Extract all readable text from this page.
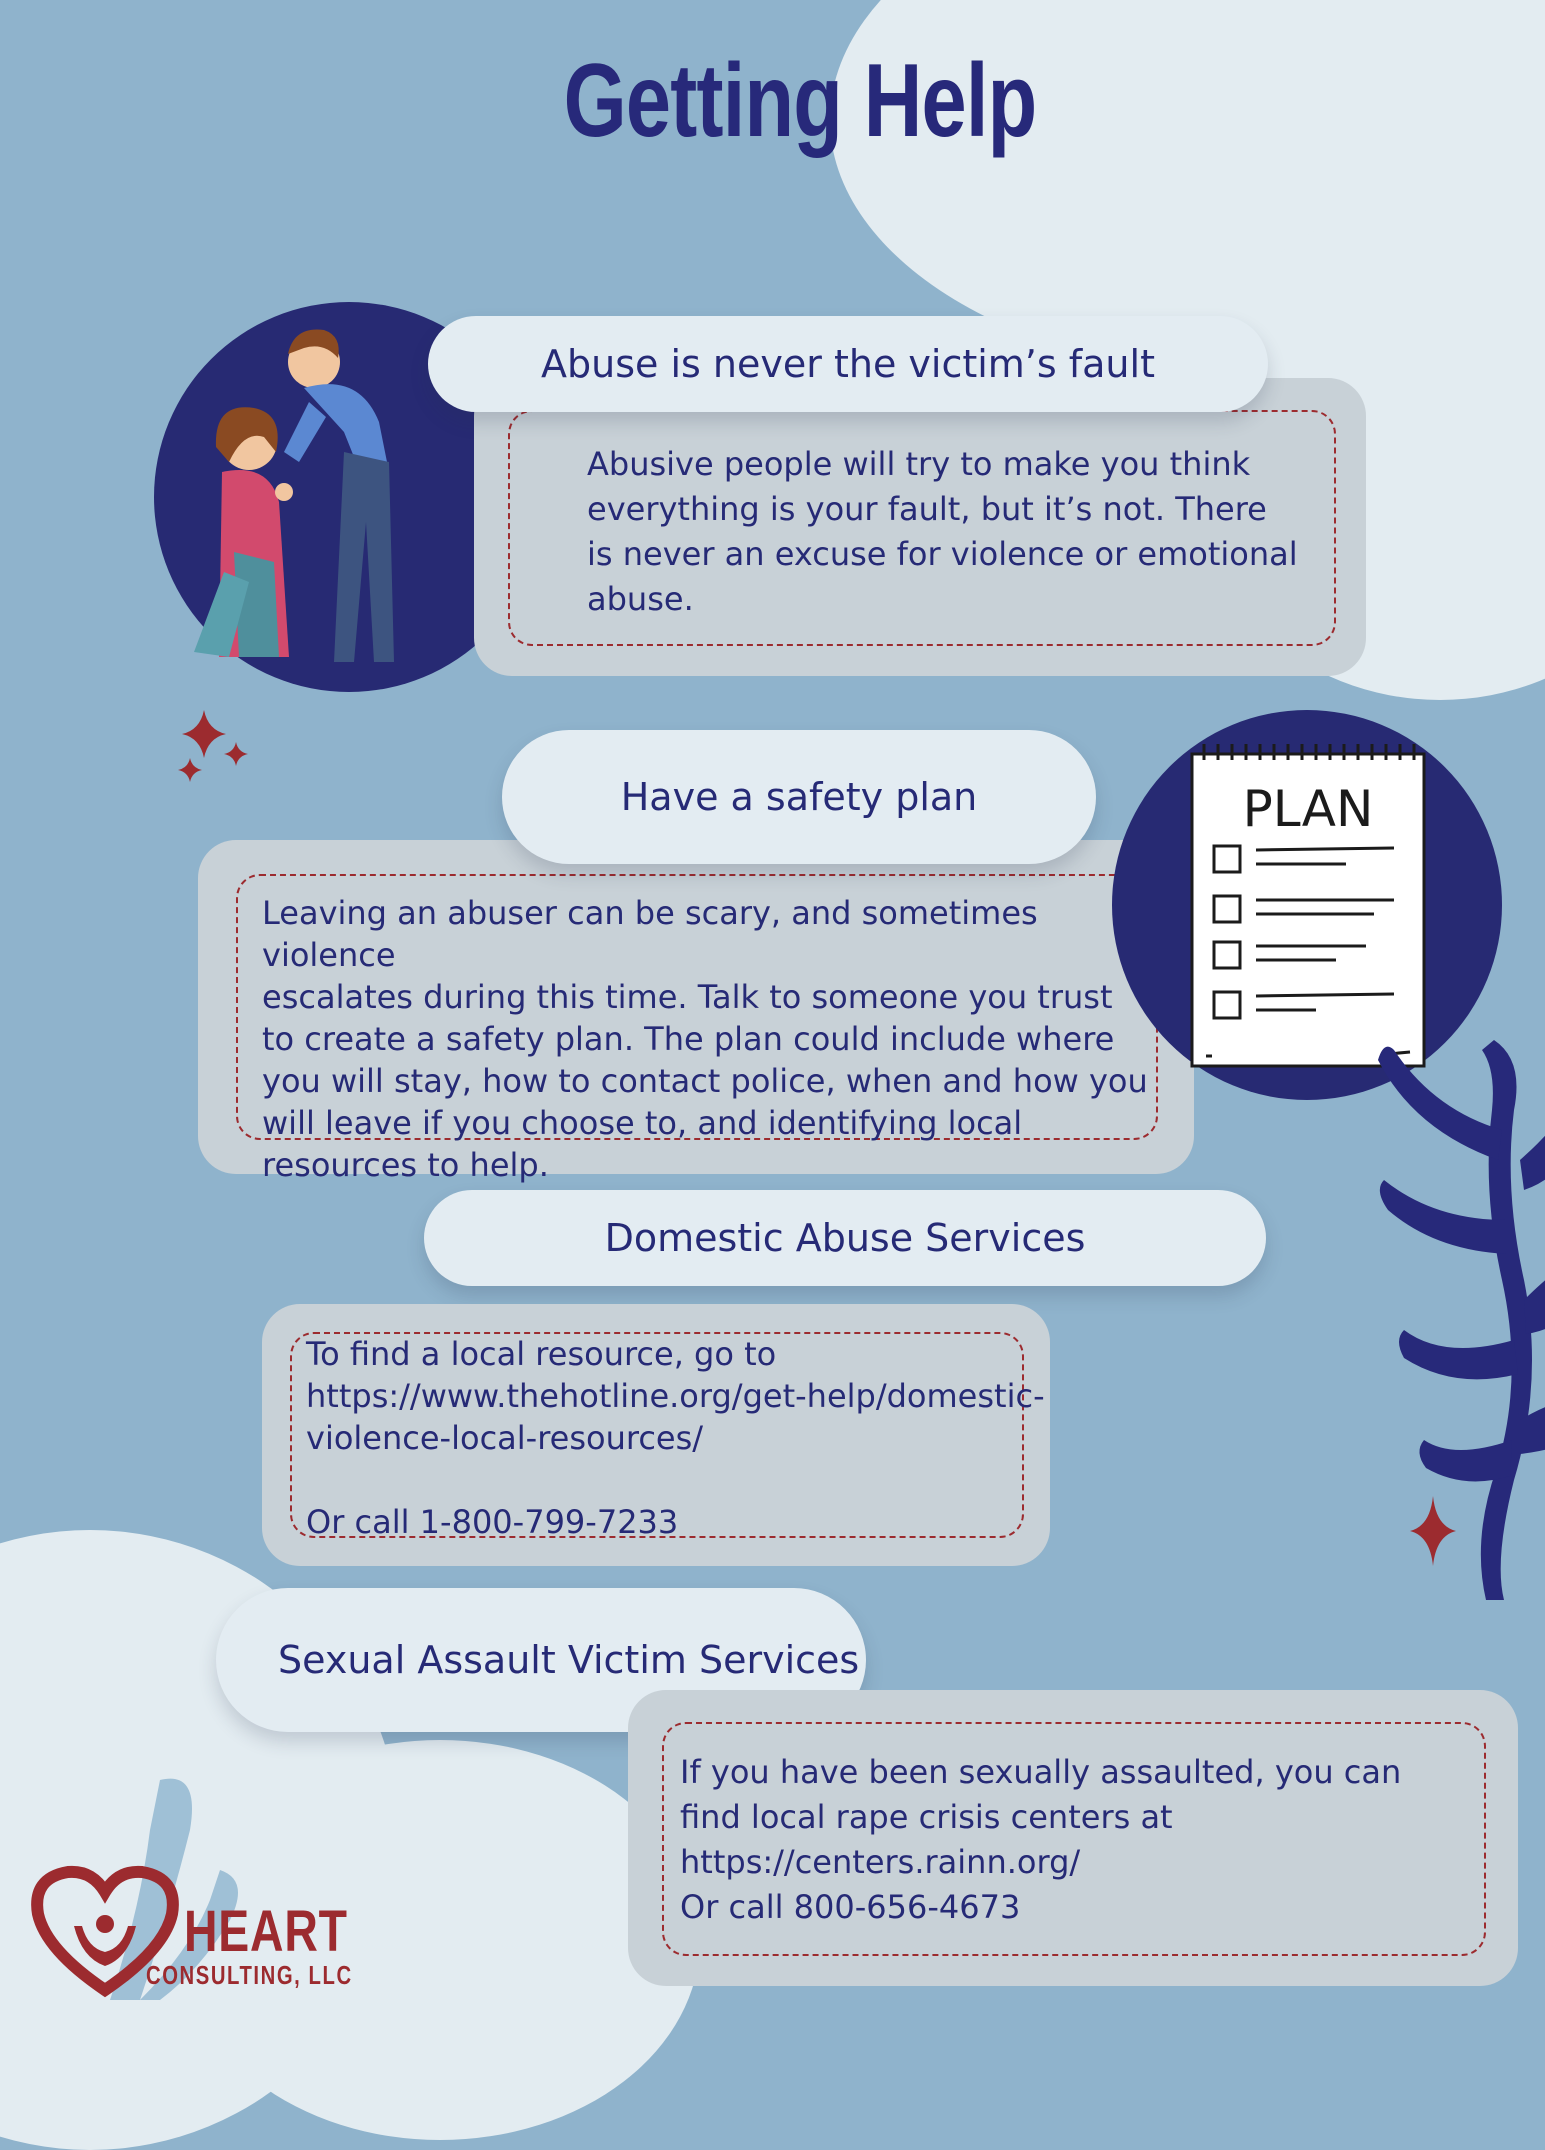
Getting Help
Abuse is never the victim’s fault
Abusive people will try to make you think
everything is your fault, but it’s not. There
is never an excuse for violence or emotional
abuse.
Have a safety plan
Leaving an abuser can be scary, and sometimes violence
escalates during this time. Talk to someone you trust
to create a safety plan. The plan could include where
you will stay, how to contact police, when and how you
will leave if you choose to, and identifying local
resources to help.
PLAN
Domestic Abuse Services
To find a local resource, go to
https://www.thehotline.org/get-help/domestic-
violence-local-resources/

Or call 1-800-799-7233
Sexual Assault Victim Services
If you have been sexually assaulted, you can
find local rape crisis centers at
https://centers.rainn.org/
Or call 800-656-4673
HEART
CONSULTING, LLC
